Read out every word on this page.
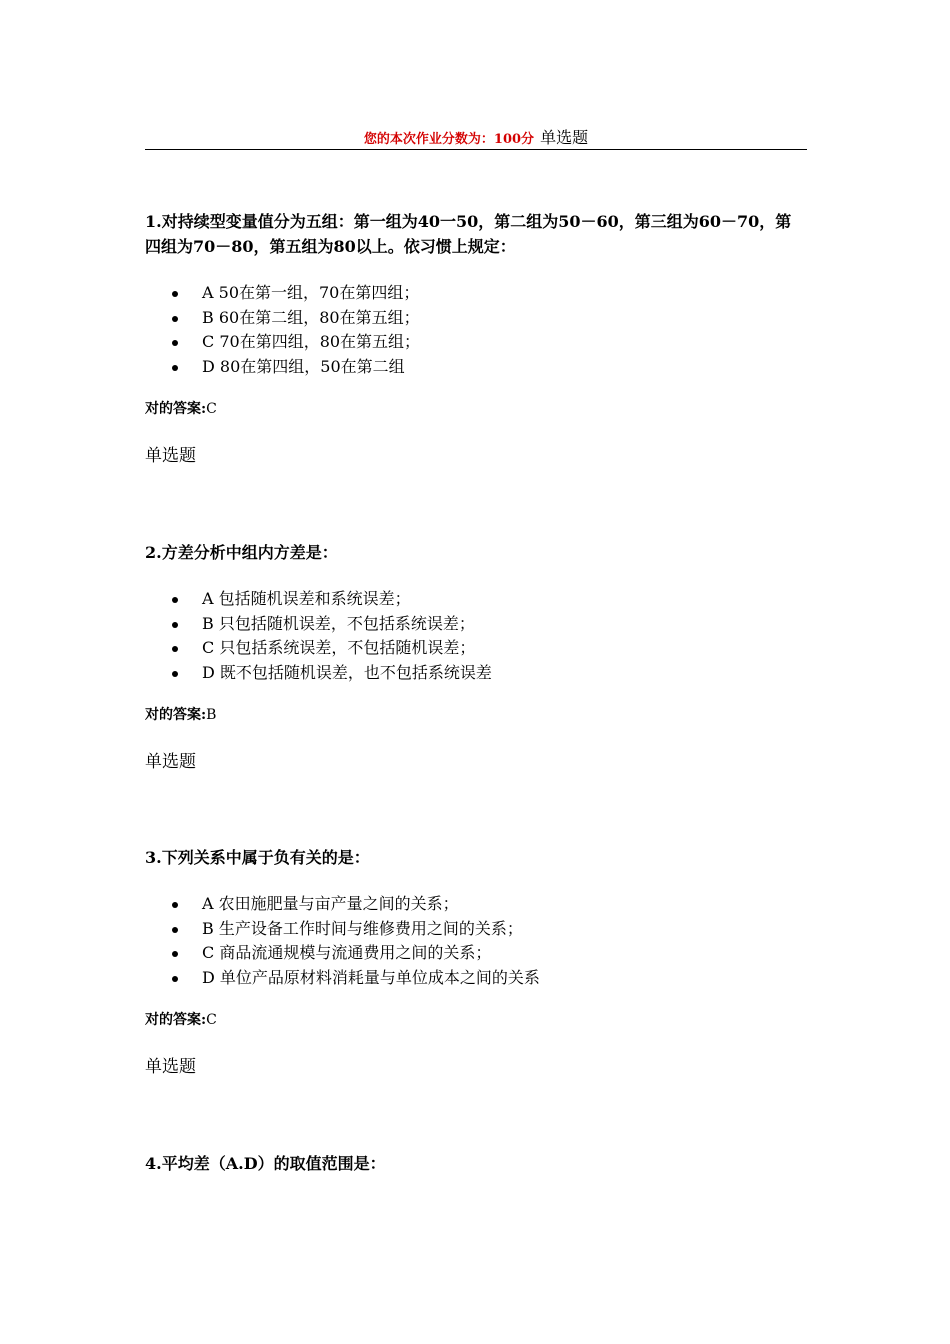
您的本次作业分数为：100分 单选题

1.对持续型变量值分为五组：第一组为40一50，第二组为50－60，第三组为60－70，第四组为70－80，第五组为80以上。依习惯上规定：

A 50在第一组，70在第四组；
B 60在第二组，80在第五组；
C 70在第四组，80在第五组；
D 80在第四组，50在第二组
对的答案:C
单选题

2.方差分析中组内方差是：

A 包括随机误差和系统误差；
B 只包括随机误差，不包括系统误差；
C 只包括系统误差，不包括随机误差；
D 既不包括随机误差，也不包括系统误差
对的答案:B
单选题

3.下列关系中属于负有关的是：

A 农田施肥量与亩产量之间的关系；
B 生产设备工作时间与维修费用之间的关系；
C 商品流通规模与流通费用之间的关系；
D 单位产品原材料消耗量与单位成本之间的关系
对的答案:C
单选题

4.平均差（A.D）的取值范围是：
